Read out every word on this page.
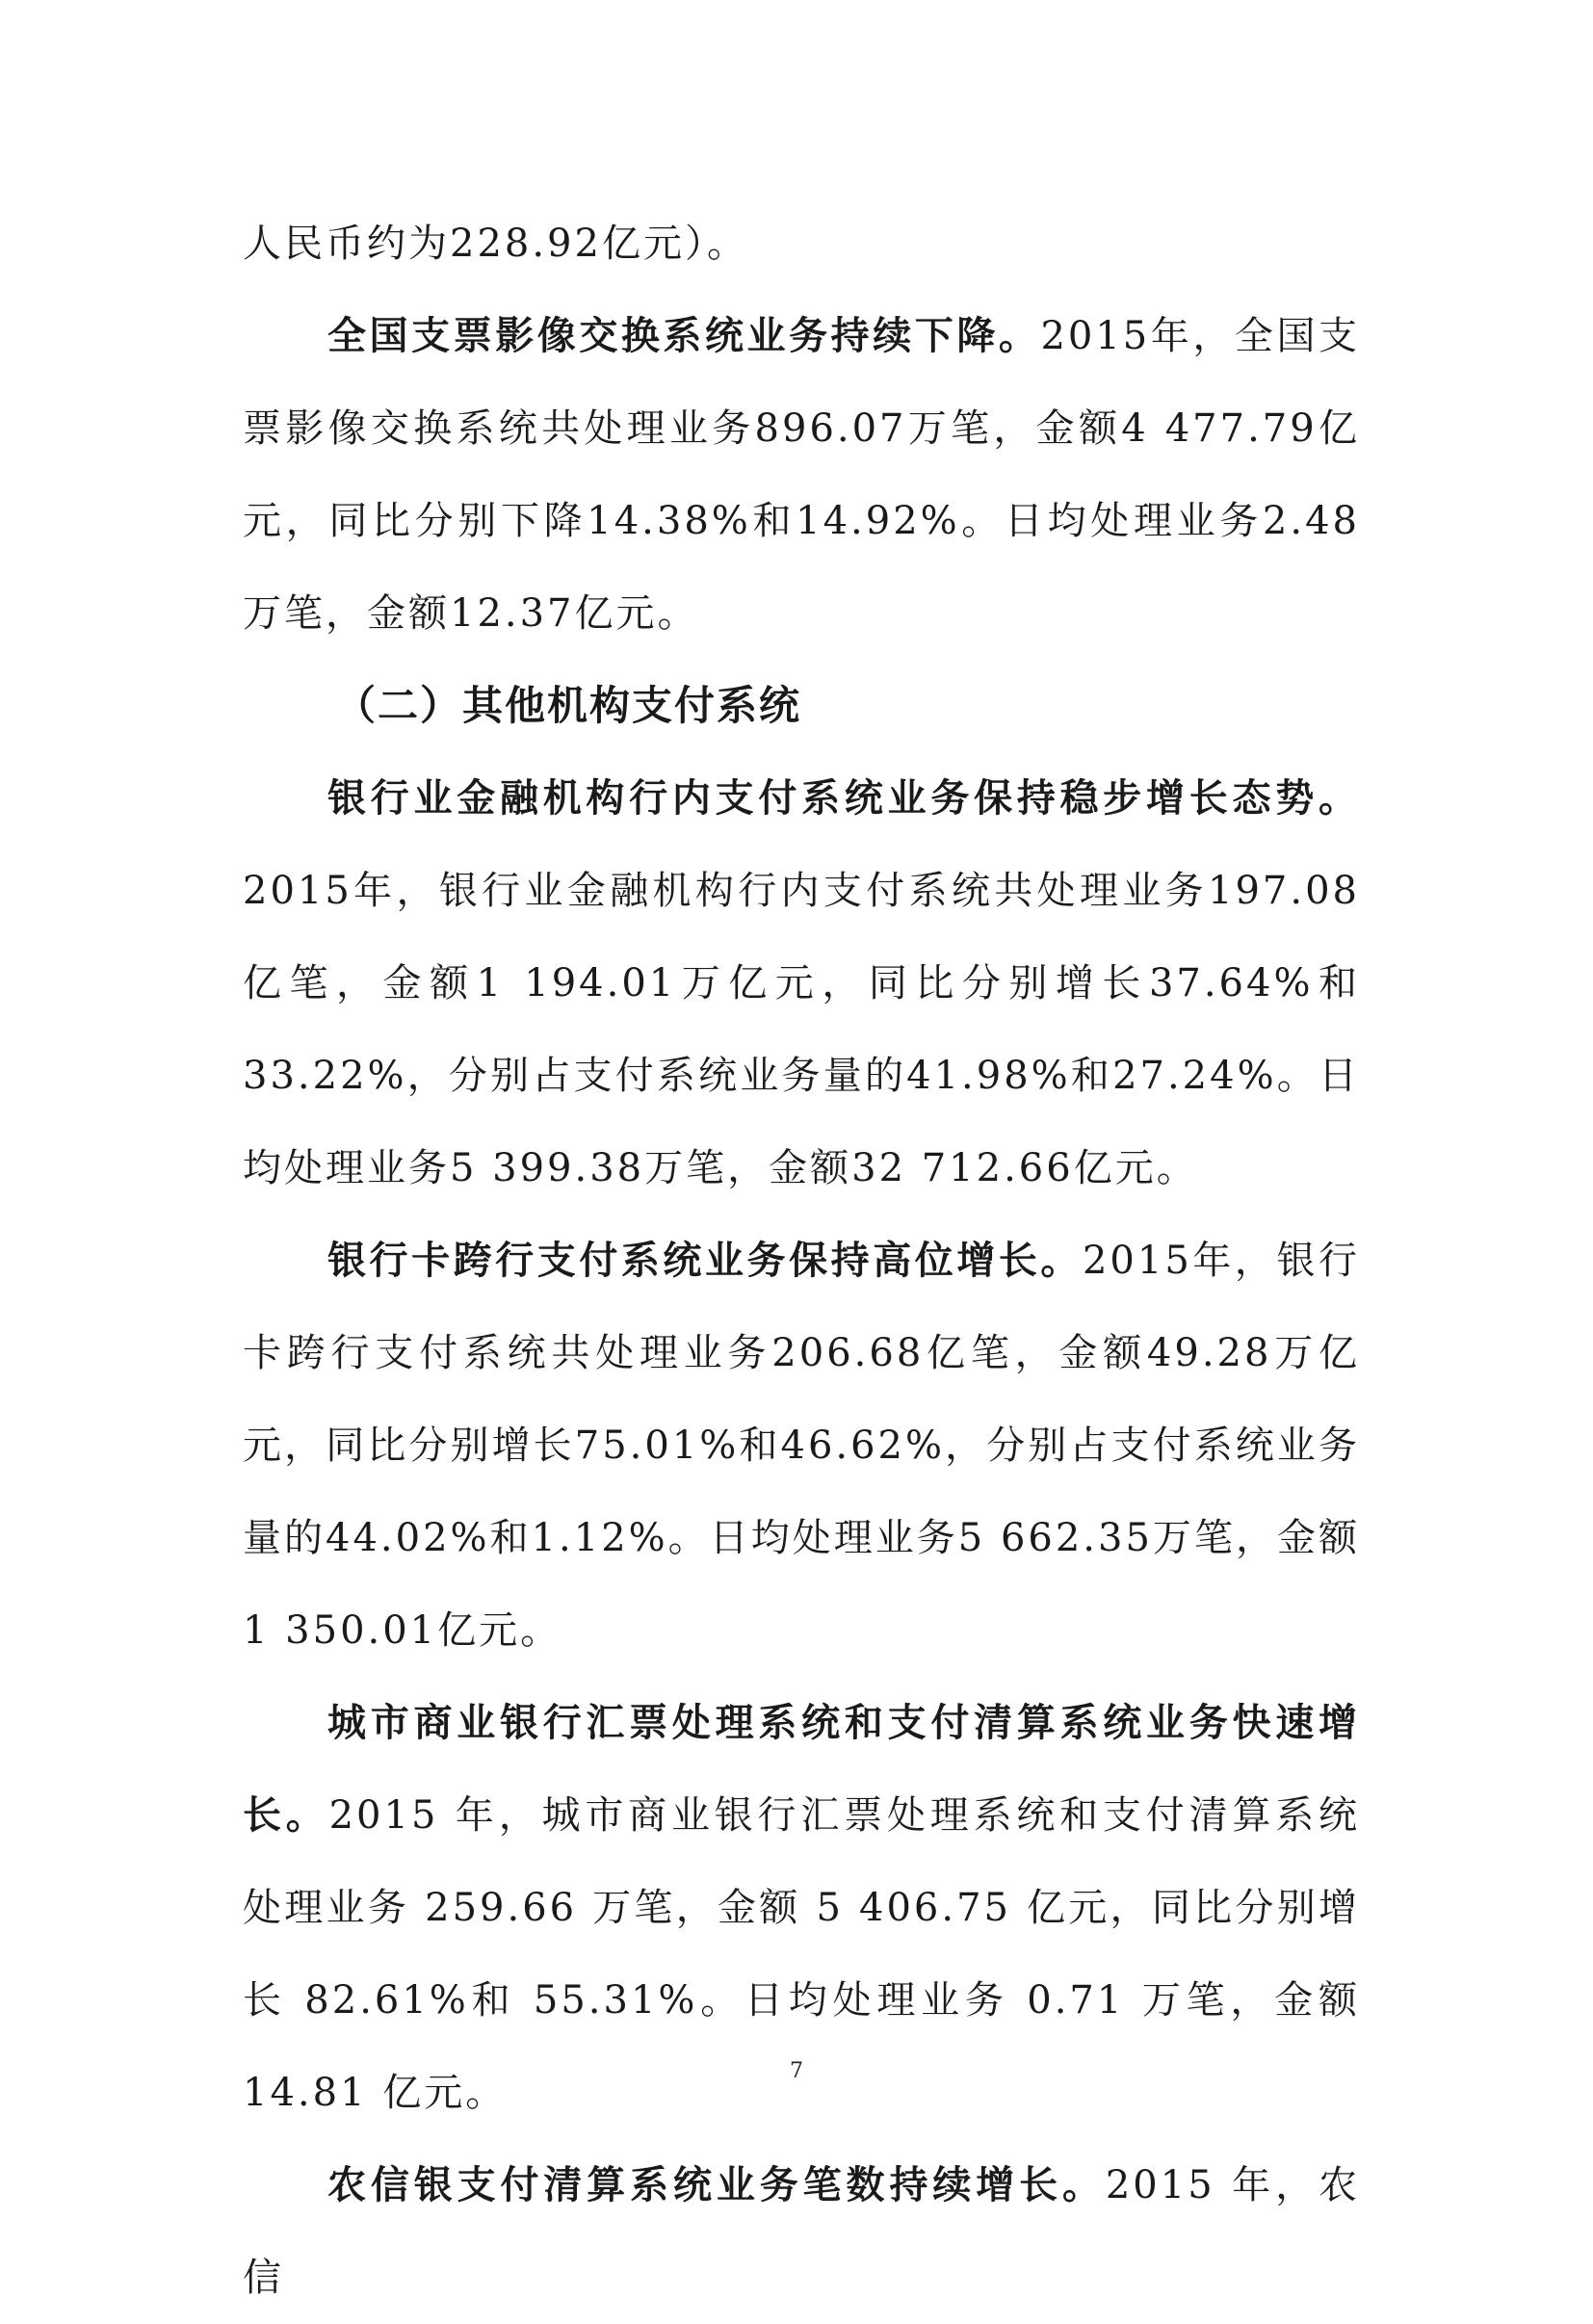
人民币约为228.92亿元）。

全国支票影像交换系统业务持续下降。2015年，全国支票影像交换系统共处理业务896.07万笔，金额4 477.79亿元，同比分别下降14.38%和14.92%。日均处理业务2.48万笔，金额12.37亿元。

（二）其他机构支付系统

银行业金融机构行内支付系统业务保持稳步增长态势。2015年，银行业金融机构行内支付系统共处理业务197.08亿笔，金额1 194.01万亿元，同比分别增长37.64%和33.22%，分别占支付系统业务量的41.98%和27.24%。日均处理业务5 399.38万笔，金额32 712.66亿元。

银行卡跨行支付系统业务保持高位增长。2015年，银行卡跨行支付系统共处理业务206.68亿笔，金额49.28万亿元，同比分别增长75.01%和46.62%，分别占支付系统业务量的44.02%和1.12%。日均处理业务5 662.35万笔，金额1 350.01亿元。

城市商业银行汇票处理系统和支付清算系统业务快速增长。2015 年，城市商业银行汇票处理系统和支付清算系统处理业务 259.66 万笔，金额 5 406.75 亿元，同比分别增长 82.61%和 55.31%。日均处理业务 0.71 万笔，金额 14.81 亿元。

农信银支付清算系统业务笔数持续增长。2015 年，农信

7
